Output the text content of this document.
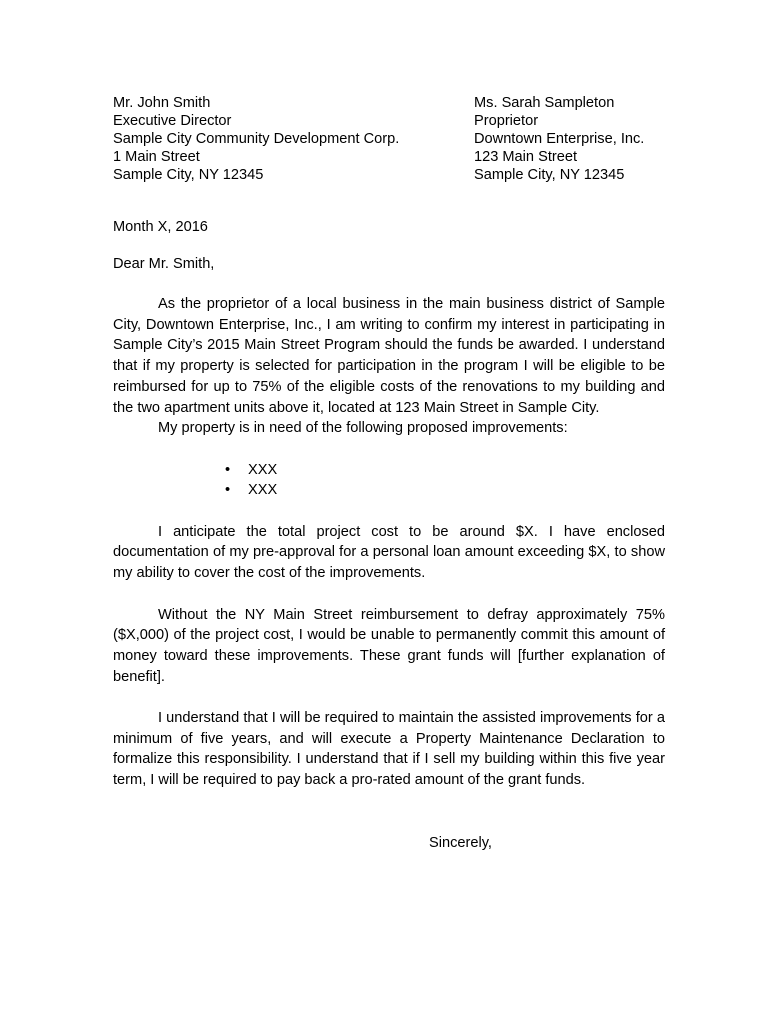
Mr. John Smith
Executive Director
Sample City Community Development Corp.
1 Main Street
Sample City, NY 12345
Ms. Sarah Sampleton
Proprietor
Downtown Enterprise, Inc.
123 Main Street
Sample City, NY 12345
Month X, 2016
Dear Mr. Smith,

As the proprietor of a local business in the main business district of Sample City, Downtown Enterprise, Inc., I am writing to confirm my interest in participating in Sample City’s 2015 Main Street Program should the funds be awarded. I understand that if my property is selected for participation in the program I will be eligible to be reimbursed for up to 75% of the eligible costs of the renovations to my building and the two apartment units above it, located at 123 Main Street in Sample City.

My property is in need of the following proposed improvements:

•	XXX
•	XXX

I anticipate the total project cost to be around $X. I have enclosed documentation of my pre-approval for a personal loan amount exceeding $X, to show my ability to cover the cost of the improvements.

Without the NY Main Street reimbursement to defray approximately 75% ($X,000) of the project cost, I would be unable to permanently commit this amount of money toward these improvements. These grant funds will [further explanation of benefit].

I understand that I will be required to maintain the assisted improvements for a minimum of five years, and will execute a Property Maintenance Declaration to formalize this responsibility. I understand that if I sell my building within this five year term, I will be required to pay back a pro-rated amount of the grant funds.

Sincerely,
